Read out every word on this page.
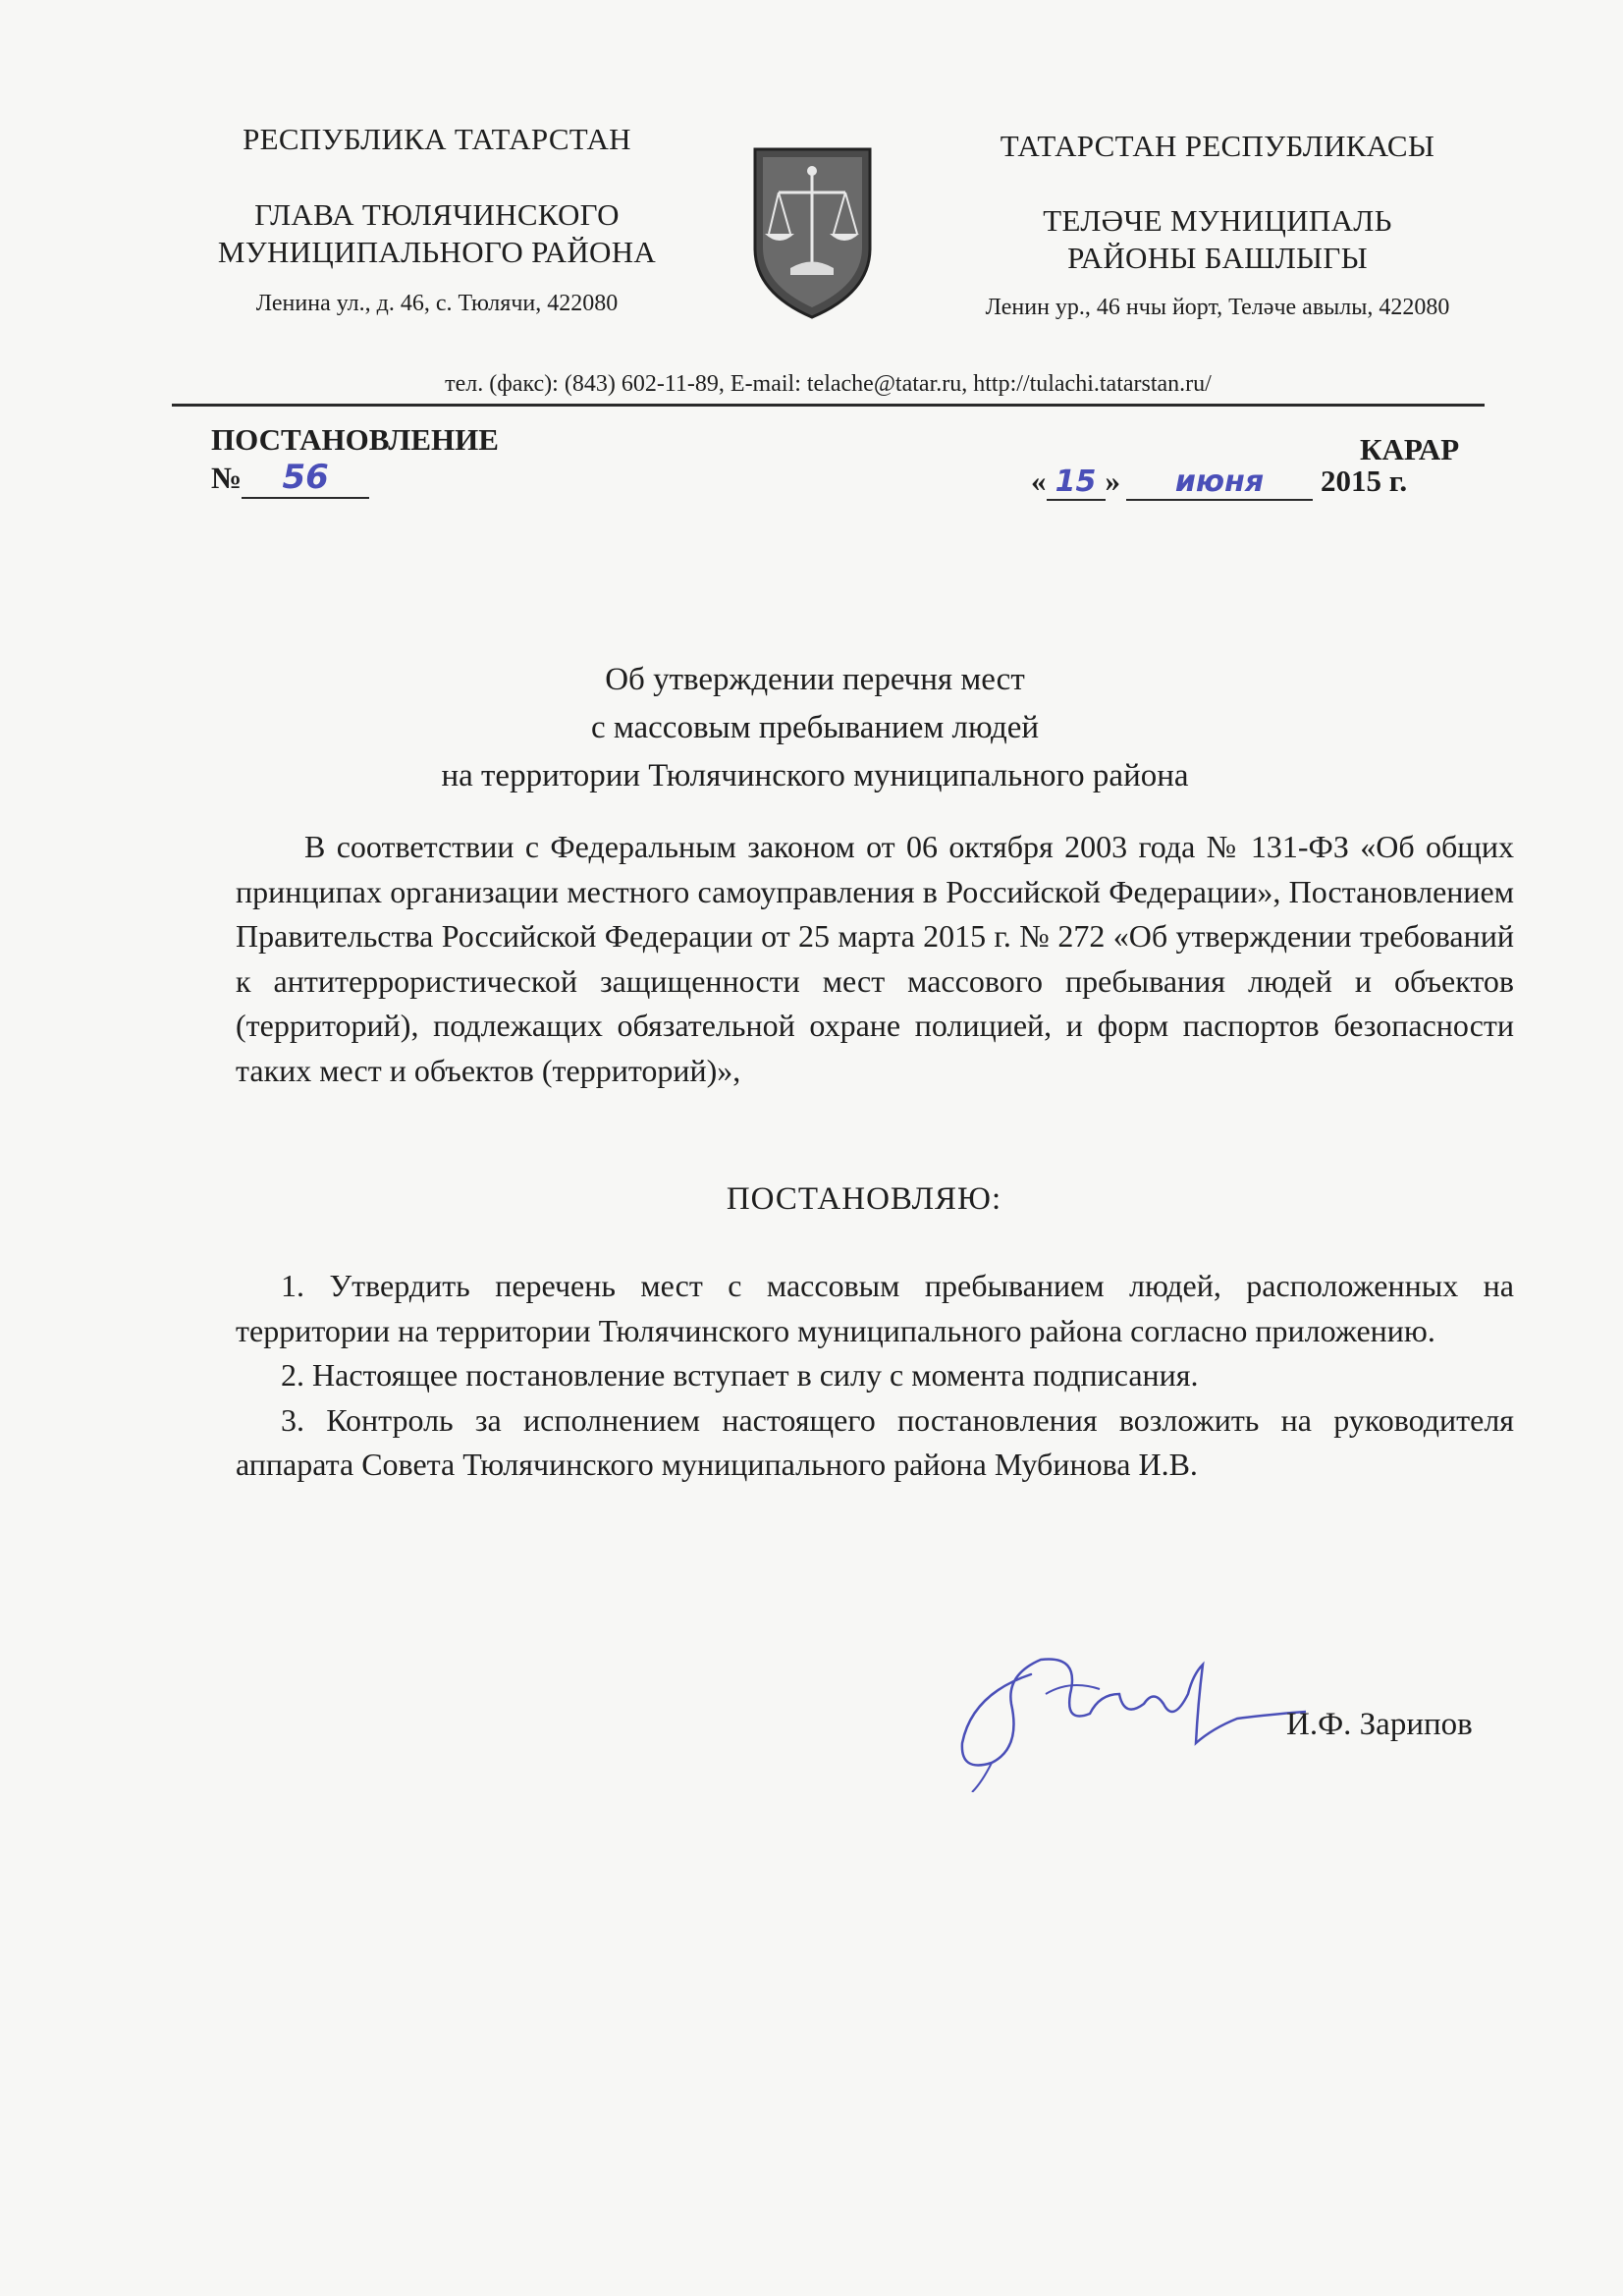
РЕСПУБЛИКА ТАТАРСТАН
ГЛАВА ТЮЛЯЧИНСКОГО
МУНИЦИПАЛЬНОГО РАЙОНА
Ленина ул., д. 46, с. Тюлячи, 422080
ТАТАРСТАН РЕСПУБЛИКАСЫ
ТЕЛӘЧЕ МУНИЦИПАЛЬ
РАЙОНЫ БАШЛЫГЫ
Ленин ур., 46 нчы йорт, Teләче авылы, 422080
тел. (факс): (843) 602-11-89, E-mail: telache@tatar.ru, http://tulachi.tatarstan.ru/
ПОСТАНОВЛЕНИЕ
№ 56
КАРАР
« 15 » июня 2015 г.
Об утверждении перечня мест
с массовым пребыванием людей
на территории Тюлячинского муниципального района
В соответствии с Федеральным законом от 06 октября 2003 года № 131-ФЗ «Об общих принципах организации местного самоуправления в Российской Федерации», Постановлением Правительства Российской Федерации от 25 марта 2015 г. № 272 «Об утверждении требований к антитеррористической защищенности мест массового пребывания людей и объектов (территорий), подлежащих обязательной охране полицией, и форм паспортов безопасности таких мест и объектов (территорий)»,
ПОСТАНОВЛЯЮ:
1. Утвердить перечень мест с массовым пребыванием людей, расположенных на территории на территории Тюлячинского муниципального района согласно приложению.
2. Настоящее постановление вступает в силу с момента подписания.
3. Контроль за исполнением настоящего постановления возложить на руководителя аппарата Совета Тюлячинского муниципального района Мубинова И.В.
И.Ф. Зарипов
